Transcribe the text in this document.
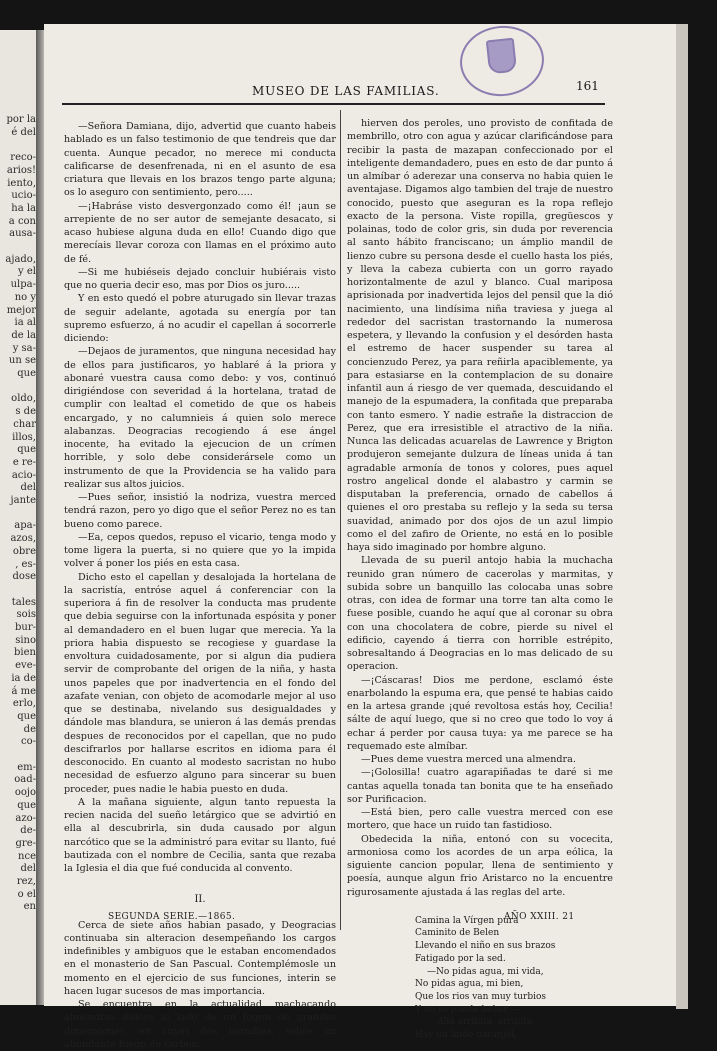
por la
é del
reco-
arios!
iento,
ucio-
ha la
a con
ausa-
ajado,
y el
ulpa-
no y
mejor
ia al
de la
y sa-
un se
que
oldo,
s de
char
illos,
que
e re-
acio-
del
jante
apa-
azos,
obre
, es-
dose
tales
sois
bur-
sino
bien
eve-
ia de
á me
erlo,
que
de
co-
em-
oad-
oojo
que
azo-
de-
gre-
nce
del
rez,
o el
en
MUSEO DE LAS FAMILIAS.	161

—Señora Damiana, dijo, advertid que cuanto habeis hablado es un falso testimonio de que tendreis que dar cuenta. Aunque pecador, no merece mi conducta calificarse de desenfrenada, ni en el asunto de esa criatura que llevais en los brazos tengo parte alguna; os lo aseguro con sentimiento, pero.....

—¡Habráse visto desvergonzado como él! ¡aun se arrepiente de no ser autor de semejante desacato, si acaso hubiese alguna duda en ello! Cuando digo que merecíais llevar coroza con llamas en el próximo auto de fé.

—Si me hubiéseis dejado concluir hubiérais visto que no queria decir eso, mas por Dios os juro.....

Y en esto quedó el pobre aturugado sin llevar trazas de seguir adelante, agotada su energía por tan supremo esfuerzo, á no acudir el capellan á socorrerle diciendo:

—Dejaos de juramentos, que ninguna necesidad hay de ellos para justificaros, yo hablaré á la priora y abonaré vuestra causa como debo: y vos, continuó dirigiéndose con severidad á la hortelana, tratad de cumplir con lealtad el cometido de que os habeis encargado, y no calumnieis á quien solo merece alabanzas. Deogracias recogiendo á ese ángel inocente, ha evitado la ejecucion de un crímen horrible, y solo debe considerársele como un instrumento de que la Providencia se ha valido para realizar sus altos juicios.

—Pues señor, insistió la nodriza, vuestra merced tendrá razon, pero yo digo que el señor Perez no es tan bueno como parece.

—Ea, cepos quedos, repuso el vicario, tenga modo y tome ligera la puerta, si no quiere que yo la impida volver á poner los piés en esta casa.

Dicho esto el capellan y desalojada la hortelana de la sacristía, entróse aquel á conferenciar con la superiora á fin de resolver la conducta mas prudente que debia seguirse con la infortunada espósita y poner al demandadero en el buen lugar que merecia. Ya la priora habia dispuesto se recogiese y guardase la envoltura cuidadosamente, por si algun dia pudiera servir de comprobante del origen de la niña, y hasta unos papeles que por inadvertencia en el fondo del azafate venian, con objeto de acomodarle mejor al uso que se destinaba, nivelando sus desigualdades y dándole mas blandura, se unieron á las demás prendas despues de reconocidos por el capellan, que no pudo descifrarlos por hallarse escritos en idioma para él desconocido. En cuanto al modesto sacristan no hubo necesidad de esfuerzo alguno para sincerar su buen proceder, pues nadie le habia puesto en duda.

A la mañana siguiente, algun tanto repuesta la recien nacida del sueño letárgico que se advirtió en ella al descubrirla, sin duda causado por algun narcótico que se la administró para evitar su llanto, fué bautizada con el nombre de Cecilia, santa que rezaba la Iglesia el dia que fué conducida al convento.

II.

Cerca de siete años habian pasado, y Deogracias continuaba sin alteracion desempeñando los cargos indefinibles y ambiguos que le estaban encomendados en el monasterio de San Pascual. Contemplémosle un momento en el ejercicio de sus funciones, interin se hacen lugar sucesos de mas importancia.

Se encuentra en la actualidad machacando almendras dulces al lado de un fogon de grandes dimensiones, en cuyas dos hornillas, sobre un abundante fuego de carbon,

hierven dos peroles, uno provisto de confitada de membrillo, otro con agua y azúcar clarificándose para recibir la pasta de mazapan confeccionado por el inteligente demandadero, pues en esto de dar punto á un almíbar ó aderezar una conserva no habia quien le aventajase. Digamos algo tambien del traje de nuestro conocido, puesto que aseguran es la ropa reflejo exacto de la persona. Viste ropilla, gregüescos y polainas, todo de color gris, sin duda por reverencia al santo hábito franciscano; un ámplio mandil de lienzo cubre su persona desde el cuello hasta los piés, y lleva la cabeza cubierta con un gorro rayado horizontalmente de azul y blanco. Cual mariposa aprisionada por inadvertida lejos del pensil que la dió nacimiento, una lindísima niña traviesa y juega al rededor del sacristan trastornando la numerosa espetera, y llevando la confusion y el desórden hasta el estremo de hacer suspender su tarea al concienzudo Perez, ya para reñirla apaciblemente, ya para estasiarse en la contemplacion de su donaire infantil aun á riesgo de ver quemada, descuidando el manejo de la espumadera, la confitada que preparaba con tanto esmero. Y nadie estrañe la distraccion de Perez, que era irresistible el atractivo de la niña. Nunca las delicadas acuarelas de Lawrence y Brigton produjeron semejante dulzura de líneas unida á tan agradable armonía de tonos y colores, pues aquel rostro angelical donde el alabastro y carmin se disputaban la preferencia, ornado de cabellos á quienes el oro prestaba su reflejo y la seda su tersa suavidad, animado por dos ojos de un azul limpio como el del zafiro de Oriente, no está en lo posible haya sido imaginado por hombre alguno.

Llevada de su pueril antojo habia la muchacha reunido gran número de cacerolas y marmitas, y subida sobre un banquillo las colocaba unas sobre otras, con idea de formar una torre tan alta como le fuese posible, cuando he aquí que al coronar su obra con una chocolatera de cobre, pierde su nivel el edificio, cayendo á tierra con horrible estrépito, sobresaltando á Deogracias en lo mas delicado de su operacion.

—¡Cáscaras! Dios me perdone, esclamó éste enarbolando la espuma era, que pensé te habias caido en la artesa grande ¡qué revoltosa estás hoy, Cecilia! sálte de aquí luego, que si no creo que todo lo voy á echar á perder por causa tuya: ya me parece se ha requemado este almíbar.

—Pues deme vuestra merced una almendra.

—¡Golosilla! cuatro agarapiñadas te daré si me cantas aquella tonada tan bonita que te ha enseñado sor Purificacion.

—Está bien, pero calle vuestra merced con ese mortero, que hace un ruido tan fastidioso.

Obedecida la niña, entonó con su vocecita, armoniosa como los acordes de un arpa eólica, la siguiente cancion popular, llena de sentimiento y poesía, aunque algun frio Aristarco no la encuentre rigurosamente ajustada á las reglas del arte.

Camina la Vírgen pura
Caminito de Belen
Llevando el niño en sus brazos
Fatigado por la sed.
—No pidas agua, mi vida,
No pidas agua, mi bien,
Que los rios van muy turbios
Y no se puede beber.—
Allá arribita, arribita,
Hay un lindo naranjél,
SEGUNDA SERIE.—1865.	AÑO XXIII. 21
